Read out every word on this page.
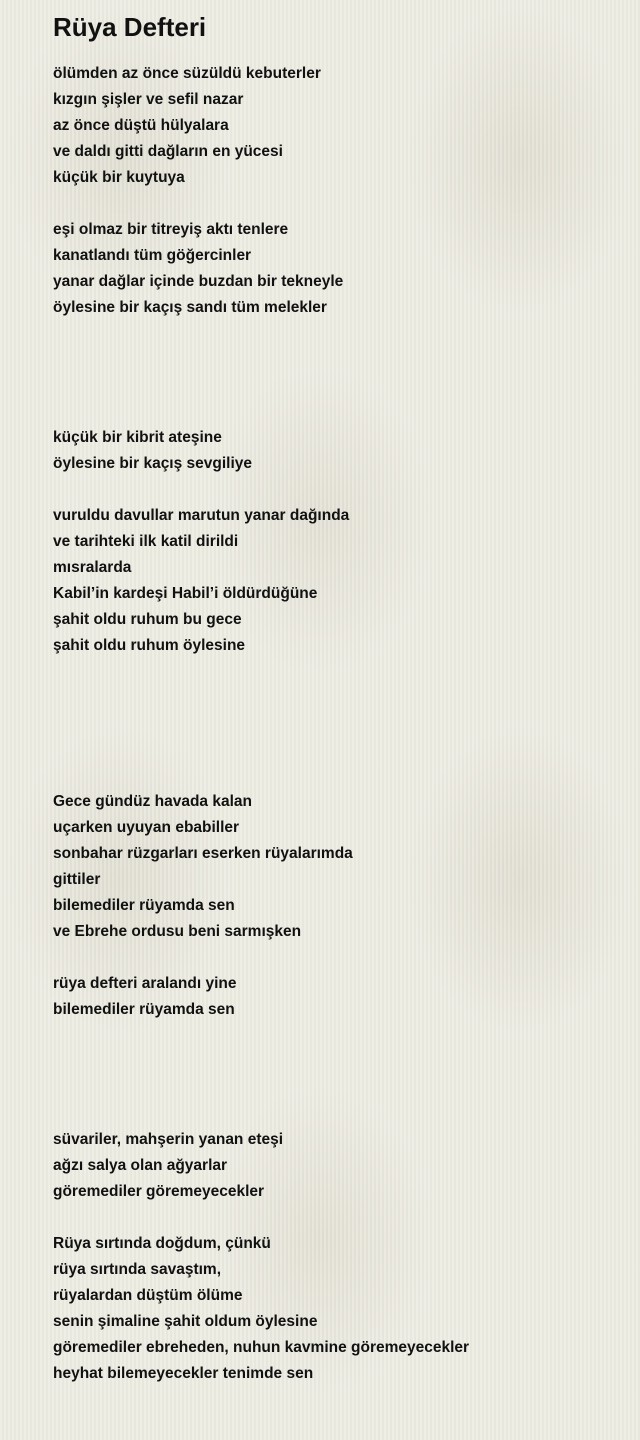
Rüya Defteri
ölümden az önce süzüldü kebuterler
kızgın şişler ve sefil nazar
az önce düştü hülyalara
ve daldı gitti dağların en yücesi
küçük bir kuytuya
eşi olmaz bir titreyiş aktı tenlere
kanatlandı tüm göğercinler
yanar dağlar içinde buzdan bir tekneyle
öylesine bir kaçış sandı tüm melekler
küçük bir kibrit ateşine
öylesine bir kaçış sevgiliye
vuruldu davullar marutun yanar dağında
ve tarihteki ilk katil dirildi
mısralarda
Kabil’in kardeşi Habil’i öldürdüğüne
şahit oldu ruhum bu gece
şahit oldu ruhum öylesine
Gece gündüz havada kalan
uçarken uyuyan ebabiller
sonbahar rüzgarları eserken rüyalarımda
gittiler
bilemediler rüyamda sen
ve Ebrehe ordusu beni sarmışken
rüya defteri aralandı yine
bilemediler rüyamda sen
süvariler, mahşerin yanan eteşi
ağzı salya olan ağyarlar
göremediler göremeyecekler
Rüya sırtında doğdum, çünkü
rüya sırtında savaştım,
rüyalardan düştüm ölüme
senin şimaline şahit oldum öylesine
göremediler ebreheden, nuhun kavmine göremeyecekler
heyhat bilemeyecekler tenimde sen
